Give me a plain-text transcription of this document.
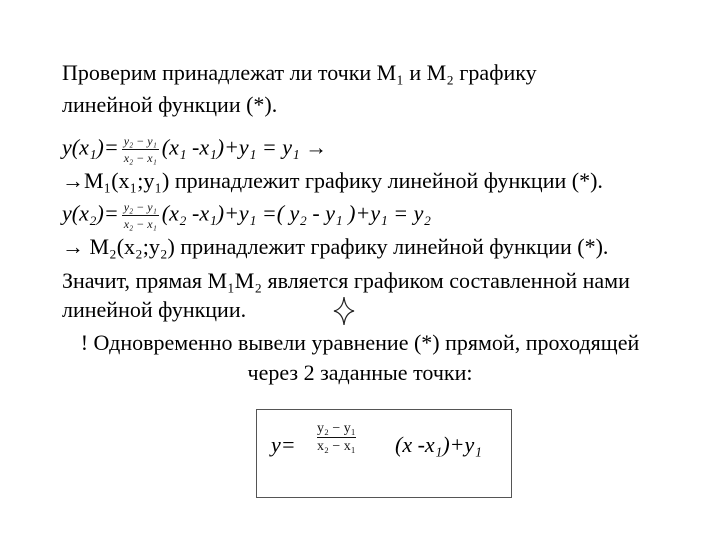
Проверим принадлежат ли точки M₁ и M₂ графику
линейной функции (*).
$y(x_1)= \frac{\text{y₂ − y₁}}{\text{x₂ − x₁}} (x_1$ -x₁)+y₁ = y₁ →
→M₁(x₁;y₁) принадлежит графику линейной функции (*).
$y(x_2)= \frac{\text{y₂ − y₁}}{\text{x₂ − x₁}} (x_2$ -x₁)+y₁ =( y₂ - y₁ )+y₁ = y₂
→ M₂(x₂;y₂) принадлежит графику линейной функции (*).
Значит, прямая M₁M₂ является графиком составленной нами
линейной функции.
! Одновременно вывели уравнение (*) прямой, проходящей
через 2 заданные точки:
y=
y₂ − y₁
x₂ − x₁ (x -x₁)+y₁
